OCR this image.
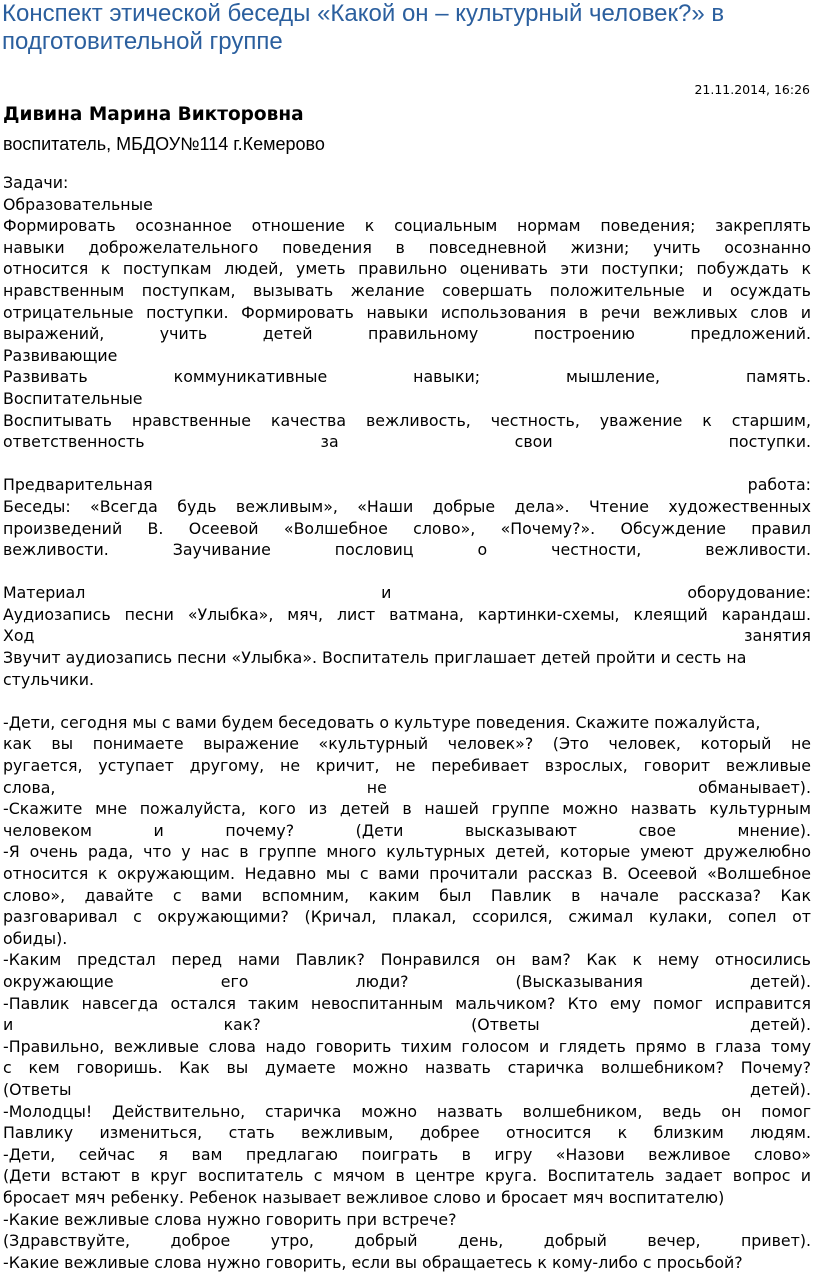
Конспект этической беседы «Какой он – культурный человек?» в подготовительной группе
21.11.2014, 16:26
Дивина Марина Викторовна
воспитатель, МБДОУ№114 г.Кемерово

Задачи:

Образовательные

Формировать осознанное отношение к социальным нормам поведения; закреплять

навыки доброжелательного поведения в повседневной жизни; учить осознанно

относится к поступкам людей, уметь правильно оценивать эти поступки; побуждать к

нравственным поступкам, вызывать желание совершать положительные и осуждать

отрицательные поступки. Формировать навыки использования в речи вежливых слов и

выражений, учить детей правильному построению предложений.

Развивающие

Развивать коммуникативные навыки; мышление, память.

Воспитательные

Воспитывать нравственные качества вежливость, честность, уважение к старшим,

ответственность за свои поступки.

Предварительная работа:

Беседы: «Всегда будь вежливым», «Наши добрые дела». Чтение художественных

произведений В. Осеевой «Волшебное слово», «Почему?». Обсуждение правил

вежливости. Заучивание пословиц о честности, вежливости.

Материал и оборудование:

Аудиозапись песни «Улыбка», мяч, лист ватмана, картинки-схемы, клеящий карандаш.

Ход занятия

Звучит аудиозапись песни «Улыбка». Воспитатель приглашает детей пройти и сесть на

стульчики.

-Дети, сегодня мы с вами будем беседовать о культуре поведения. Скажите пожалуйста,

как вы понимаете выражение «культурный человек»? (Это человек, который не

ругается, уступает другому, не кричит, не перебивает взрослых, говорит вежливые

слова, не обманывает).

-Скажите мне пожалуйста, кого из детей в нашей группе можно назвать культурным

человеком и почему? (Дети высказывают свое мнение).

-Я очень рада, что у нас в группе много культурных детей, которые умеют дружелюбно

относится к окружающим. Недавно мы с вами прочитали рассказ В. Осеевой «Волшебное

слово», давайте с вами вспомним, каким был Павлик в начале рассказа? Как

разговаривал с окружающими? (Кричал, плакал, ссорился, сжимал кулаки, сопел от

обиды).

-Каким предстал перед нами Павлик? Понравился он вам? Как к нему относились

окружающие его люди? (Высказывания детей).

-Павлик навсегда остался таким невоспитанным мальчиком? Кто ему помог исправится

и как? (Ответы детей).

-Правильно, вежливые слова надо говорить тихим голосом и глядеть прямо в глаза тому

с кем говоришь. Как вы думаете можно назвать старичка волшебником? Почему?

(Ответы детей).

-Молодцы! Действительно, старичка можно назвать волшебником, ведь он помог

Павлику измениться, стать вежливым, добрее относится к близким людям.

-Дети, сейчас я вам предлагаю поиграть в игру «Назови вежливое слово»

(Дети встают в круг воспитатель с мячом в центре круга. Воспитатель задает вопрос и

бросает мяч ребенку. Ребенок называет вежливое слово и бросает мяч воспитателю)

-Какие вежливые слова нужно говорить при встрече?

(Здравствуйте, доброе утро, добрый день, добрый вечер, привет).

-Какие вежливые слова нужно говорить, если вы обращаетесь к кому-либо с просьбой?
